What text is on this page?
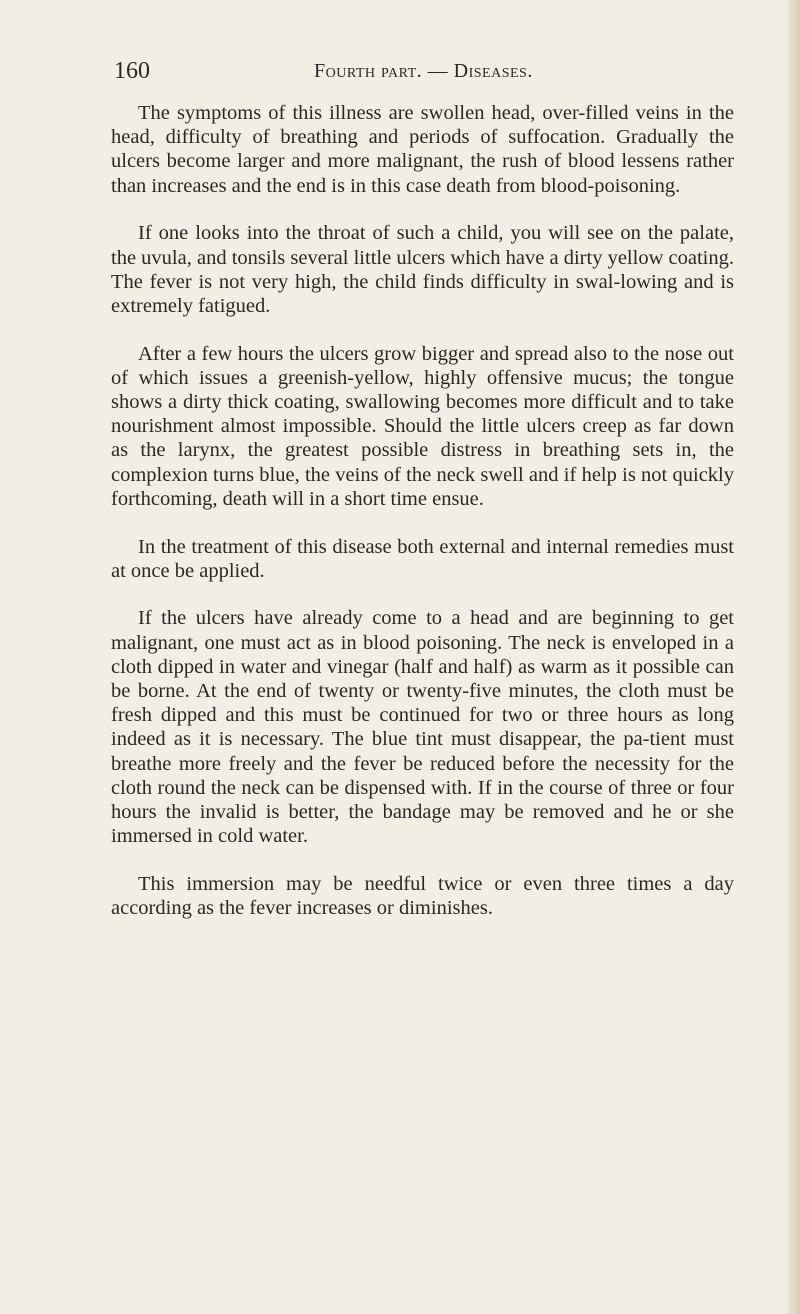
160	Fourth part. — Diseases.

The symptoms of this illness are swollen head, over-filled veins in the head, difficulty of breathing and periods of suffocation. Gradually the ulcers become larger and more malignant, the rush of blood lessens rather than increases and the end is in this case death from blood-poisoning.

If one looks into the throat of such a child, you will see on the palate, the uvula, and tonsils several little ulcers which have a dirty yellow coating. The fever is not very high, the child finds difficulty in swal-lowing and is extremely fatigued.

After a few hours the ulcers grow bigger and spread also to the nose out of which issues a greenish-yellow, highly offensive mucus; the tongue shows a dirty thick coating, swallowing becomes more difficult and to take nourishment almost impossible. Should the little ulcers creep as far down as the larynx, the greatest possible distress in breathing sets in, the complexion turns blue, the veins of the neck swell and if help is not quickly forthcoming, death will in a short time ensue.

In the treatment of this disease both external and internal remedies must at once be applied.

If the ulcers have already come to a head and are beginning to get malignant, one must act as in blood poisoning. The neck is enveloped in a cloth dipped in water and vinegar (half and half) as warm as it possible can be borne. At the end of twenty or twenty-five minutes, the cloth must be fresh dipped and this must be continued for two or three hours as long indeed as it is necessary. The blue tint must disappear, the pa-tient must breathe more freely and the fever be reduced before the necessity for the cloth round the neck can be dispensed with. If in the course of three or four hours the invalid is better, the bandage may be removed and he or she immersed in cold water.

This immersion may be needful twice or even three times a day according as the fever increases or diminishes.
